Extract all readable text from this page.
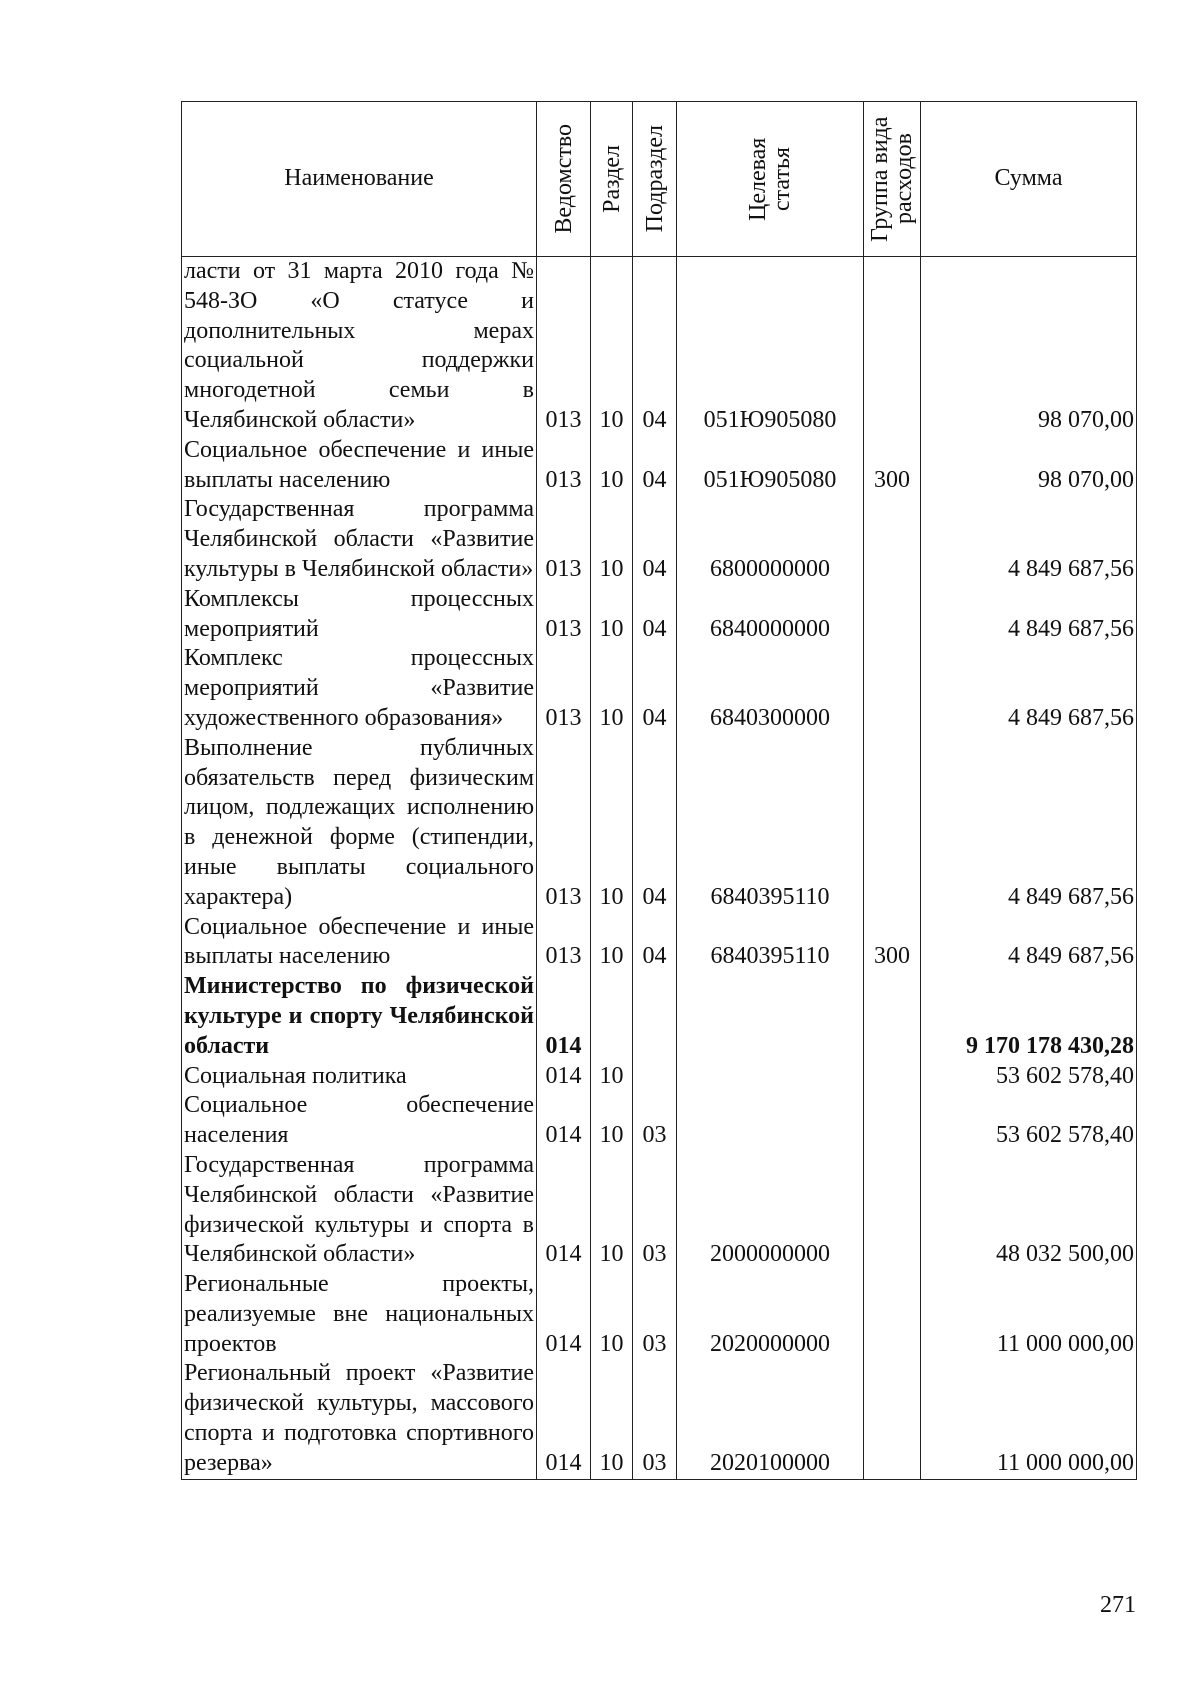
Наименование	Ведомство	Раздел	Подраздел	Целевая статья	Группа вида расходов	Сумма
ласти от 31 марта 2010 года № 548-ЗО «О статусе и дополнительных мерах социальной поддержки многодетной семьи в Челябинской области»	013	10	04	051Ю905080		98 070,00
Социальное обеспечение и иные выплаты населению	013	10	04	051Ю905080	300	98 070,00
Государственная программа Челябинской области «Развитие культуры в Челябинской области»	013	10	04	6800000000		4 849 687,56
Комплексы процессных мероприятий	013	10	04	6840000000		4 849 687,56
Комплекс процессных мероприятий «Развитие художественного образования»	013	10	04	6840300000		4 849 687,56
Выполнение публичных обязательств перед физическим лицом, подлежащих исполнению в денежной форме (стипендии, иные выплаты социального характера)	013	10	04	6840395110		4 849 687,56
Социальное обеспечение и иные выплаты населению	013	10	04	6840395110	300	4 849 687,56
Министерство по физической культуре и спорту Челябинской области	014					9 170 178 430,28
Социальная политика	014	10				53 602 578,40
Социальное обеспечение населения	014	10	03			53 602 578,40
Государственная программа Челябинской области «Развитие физической культуры и спорта в Челябинской области»	014	10	03	2000000000		48 032 500,00
Региональные проекты, реализуемые вне национальных проектов	014	10	03	2020000000		11 000 000,00
Региональный проект «Развитие физической культуры, массового спорта и подготовка спортивного резерва»	014	10	03	2020100000		11 000 000,00
271
